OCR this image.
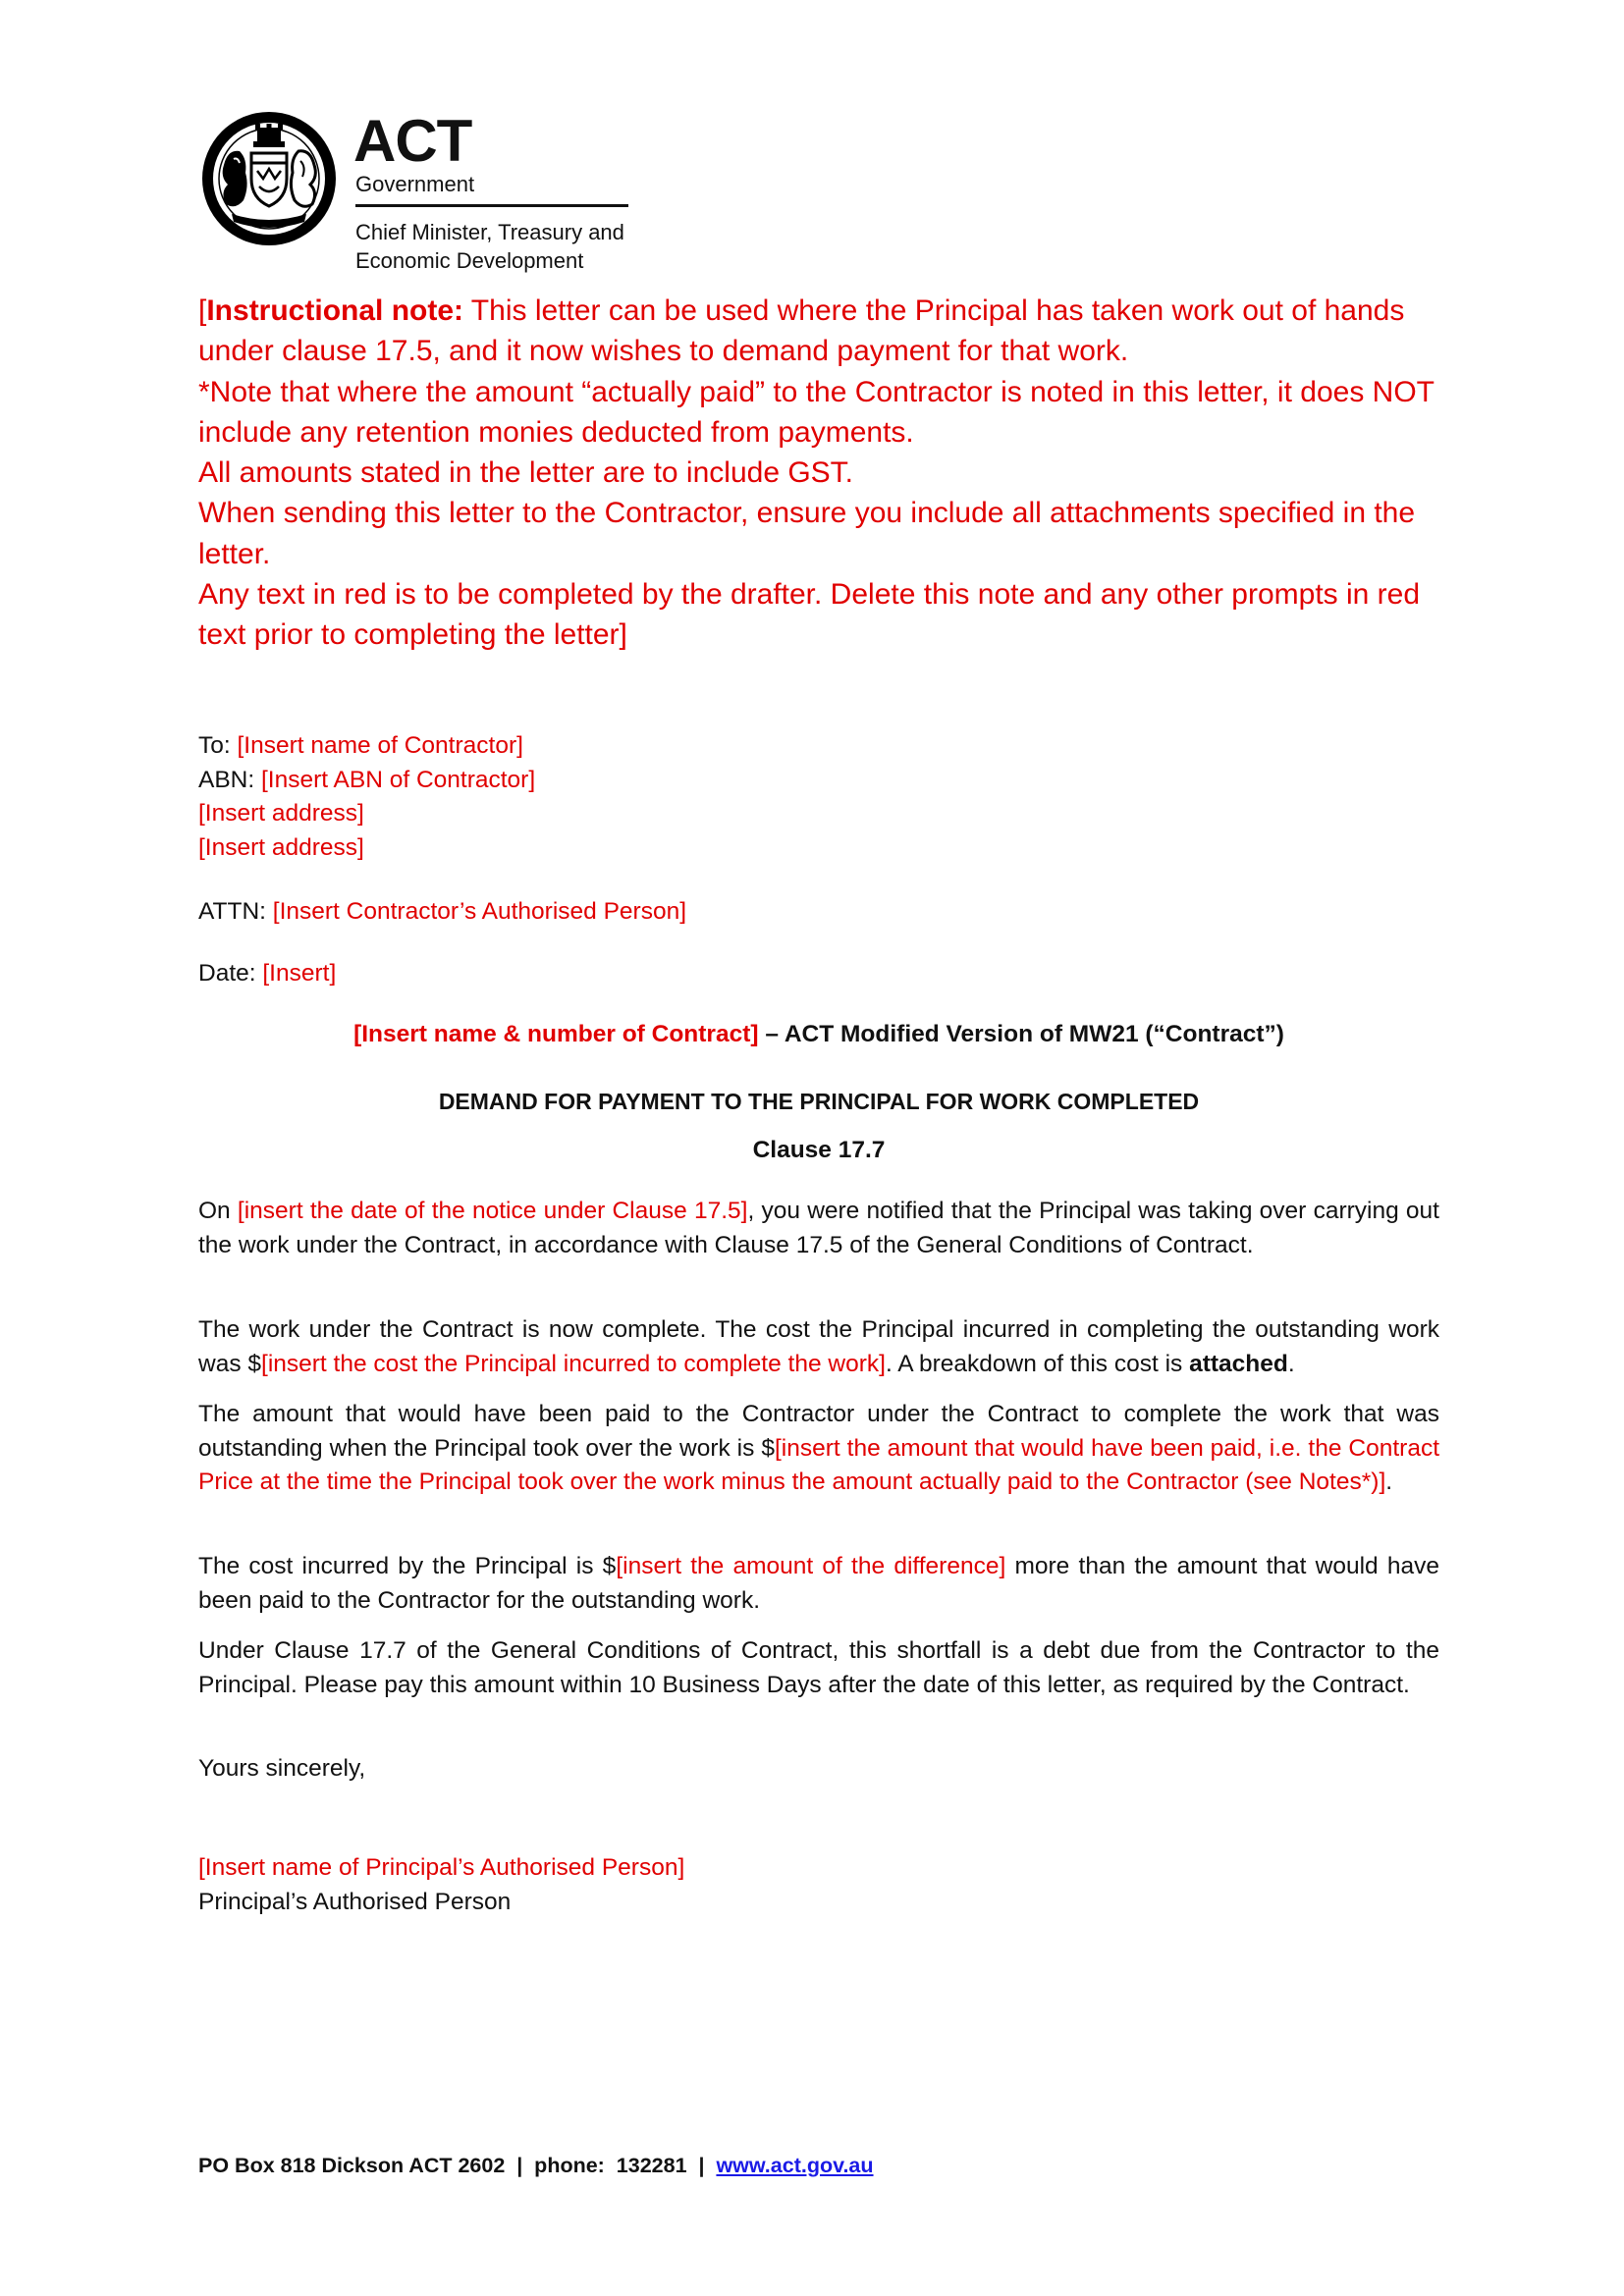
ACT
Government
Chief Minister, Treasury and
Economic Development

[Instructional note: This letter can be used where the Principal has taken work out of hands under clause 17.5, and it now wishes to demand payment for that work.

*Note that where the amount “actually paid” to the Contractor is noted in this letter, it does NOT include any retention monies deducted from payments.

All amounts stated in the letter are to include GST.

When sending this letter to the Contractor, ensure you include all attachments specified in the letter.

Any text in red is to be completed by the drafter. Delete this note and any other prompts in red text prior to completing the letter]

To: [Insert name of Contractor]

ABN: [Insert ABN of Contractor]

[Insert address]

[Insert address]

ATTN: [Insert Contractor’s Authorised Person]
Date: [Insert]
[Insert name & number of Contract] – ACT Modified Version of MW21 (“Contract”)
DEMAND FOR PAYMENT TO THE PRINCIPAL FOR WORK COMPLETED
Clause 17.7

On [insert the date of the notice under Clause 17.5], you were notified that the Principal was taking over carrying out the work under the Contract, in accordance with Clause 17.5 of the General Conditions of Contract.

The work under the Contract is now complete. The cost the Principal incurred in completing the outstanding work was $[insert the cost the Principal incurred to complete the work]. A breakdown of this cost is attached.

The amount that would have been paid to the Contractor under the Contract to complete the work that was outstanding when the Principal took over the work is $[insert the amount that would have been paid, i.e. the Contract Price at the time the Principal took over the work minus the amount actually paid to the Contractor (see Notes*)].

The cost incurred by the Principal is $[insert the amount of the difference] more than the amount that would have been paid to the Contractor for the outstanding work.

Under Clause 17.7 of the General Conditions of Contract, this shortfall is a debt due from the Contractor to the Principal. Please pay this amount within 10 Business Days after the date of this letter, as required by the Contract.

Yours sincerely,

[Insert name of Principal’s Authorised Person]

Principal’s Authorised Person

PO Box 818 Dickson ACT 2602  |  phone:  132281  |  www.act.gov.au
